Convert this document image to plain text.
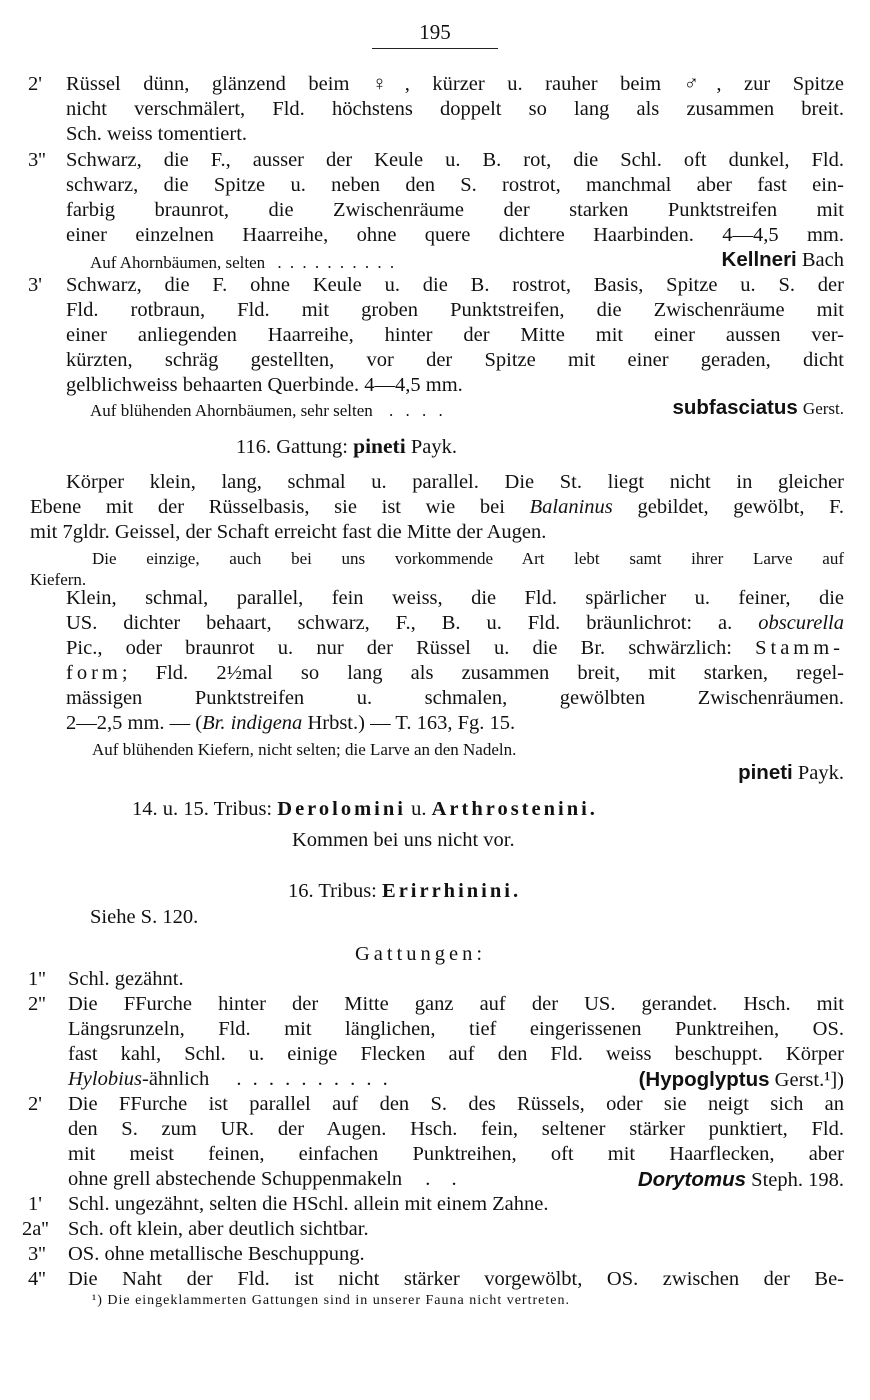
195
2' Rüssel dünn, glänzend beim ♀, kürzer u. rauher beim ♂, zur Spitze
nicht verschmälert, Fld. höchstens doppelt so lang als zusammen breit.
Sch. weiss tomentiert.
3'' Schwarz, die F., ausser der Keule u. B. rot, die Schl. oft dunkel, Fld.
schwarz, die Spitze u. neben den S. rostrot, manchmal aber fast ein-
farbig braunrot, die Zwischenräume der starken Punktstreifen mit
einer einzelnen Haarreihe, ohne quere dichtere Haarbinden. 4—4,5 mm.
Auf Ahornbäumen, selten . . . . . . . . . .	Kellneri Bach
3' Schwarz, die F. ohne Keule u. die B. rostrot, Basis, Spitze u. S. der
Fld. rotbraun, Fld. mit groben Punktstreifen, die Zwischenräume mit
einer anliegenden Haarreihe, hinter der Mitte mit einer aussen ver-
kürzten, schräg gestellten, vor der Spitze mit einer geraden, dicht
gelblichweiss behaarten Querbinde. 4—4,5 mm.
Auf blühenden Ahornbäumen, sehr selten . . . .	subfasciatus Gerst.
116. Gattung: pineti Payk.
Körper klein, lang, schmal u. parallel. Die St. liegt nicht in gleicher
Ebene mit der Rüsselbasis, sie ist wie bei Balaninus gebildet, gewölbt, F.
mit 7gldr. Geissel, der Schaft erreicht fast die Mitte der Augen.
Die einzige, auch bei uns vorkommende Art lebt samt ihrer Larve auf
Kiefern.
Klein, schmal, parallel, fein weiss, die Fld. spärlicher u. feiner, die
US. dichter behaart, schwarz, F., B. u. Fld. bräunlichrot: a. obscurella
Pic., oder braunrot u. nur der Rüssel u. die Br. schwärzlich: Stamm-
form; Fld. 2½mal so lang als zusammen breit, mit starken, regel-
mässigen Punktstreifen u. schmalen, gewölbten Zwischenräumen.
2—2,5 mm. — (Br. indigena Hrbst.) — T. 163, Fg. 15.
Auf blühenden Kiefern, nicht selten; die Larve an den Nadeln.
pineti Payk.
14. u. 15. Tribus: Derolomini u. Arthrostenini.
Kommen bei uns nicht vor.
16. Tribus: Erirrhinini.
Siehe S. 120.
Gattungen:
1'' Schl. gezähnt.
2'' Die FFurche hinter der Mitte ganz auf der US. gerandet. Hsch. mit
Längsrunzeln, Fld. mit länglichen, tief eingerissenen Punktreihen, OS.
fast kahl, Schl. u. einige Flecken auf den Fld. weiss beschuppt. Körper
Hylobius-ähnlich . . . . . . . . . .	(Hypoglyptus Gerst.¹])
2' Die FFurche ist parallel auf den S. des Rüssels, oder sie neigt sich an
den S. zum UR. der Augen. Hsch. fein, seltener stärker punktiert, Fld.
mit meist feinen, einfachen Punktreihen, oft mit Haarflecken, aber
ohne grell abstechende Schuppenmakeln . .	Dorytomus Steph. 198.
1' Schl. ungezähnt, selten die HSchl. allein mit einem Zahne.
2a'' Sch. oft klein, aber deutlich sichtbar.
3'' OS. ohne metallische Beschuppung.
4'' Die Naht der Fld. ist nicht stärker vorgewölbt, OS. zwischen der Be-
¹) Die eingeklammerten Gattungen sind in unserer Fauna nicht vertreten.
